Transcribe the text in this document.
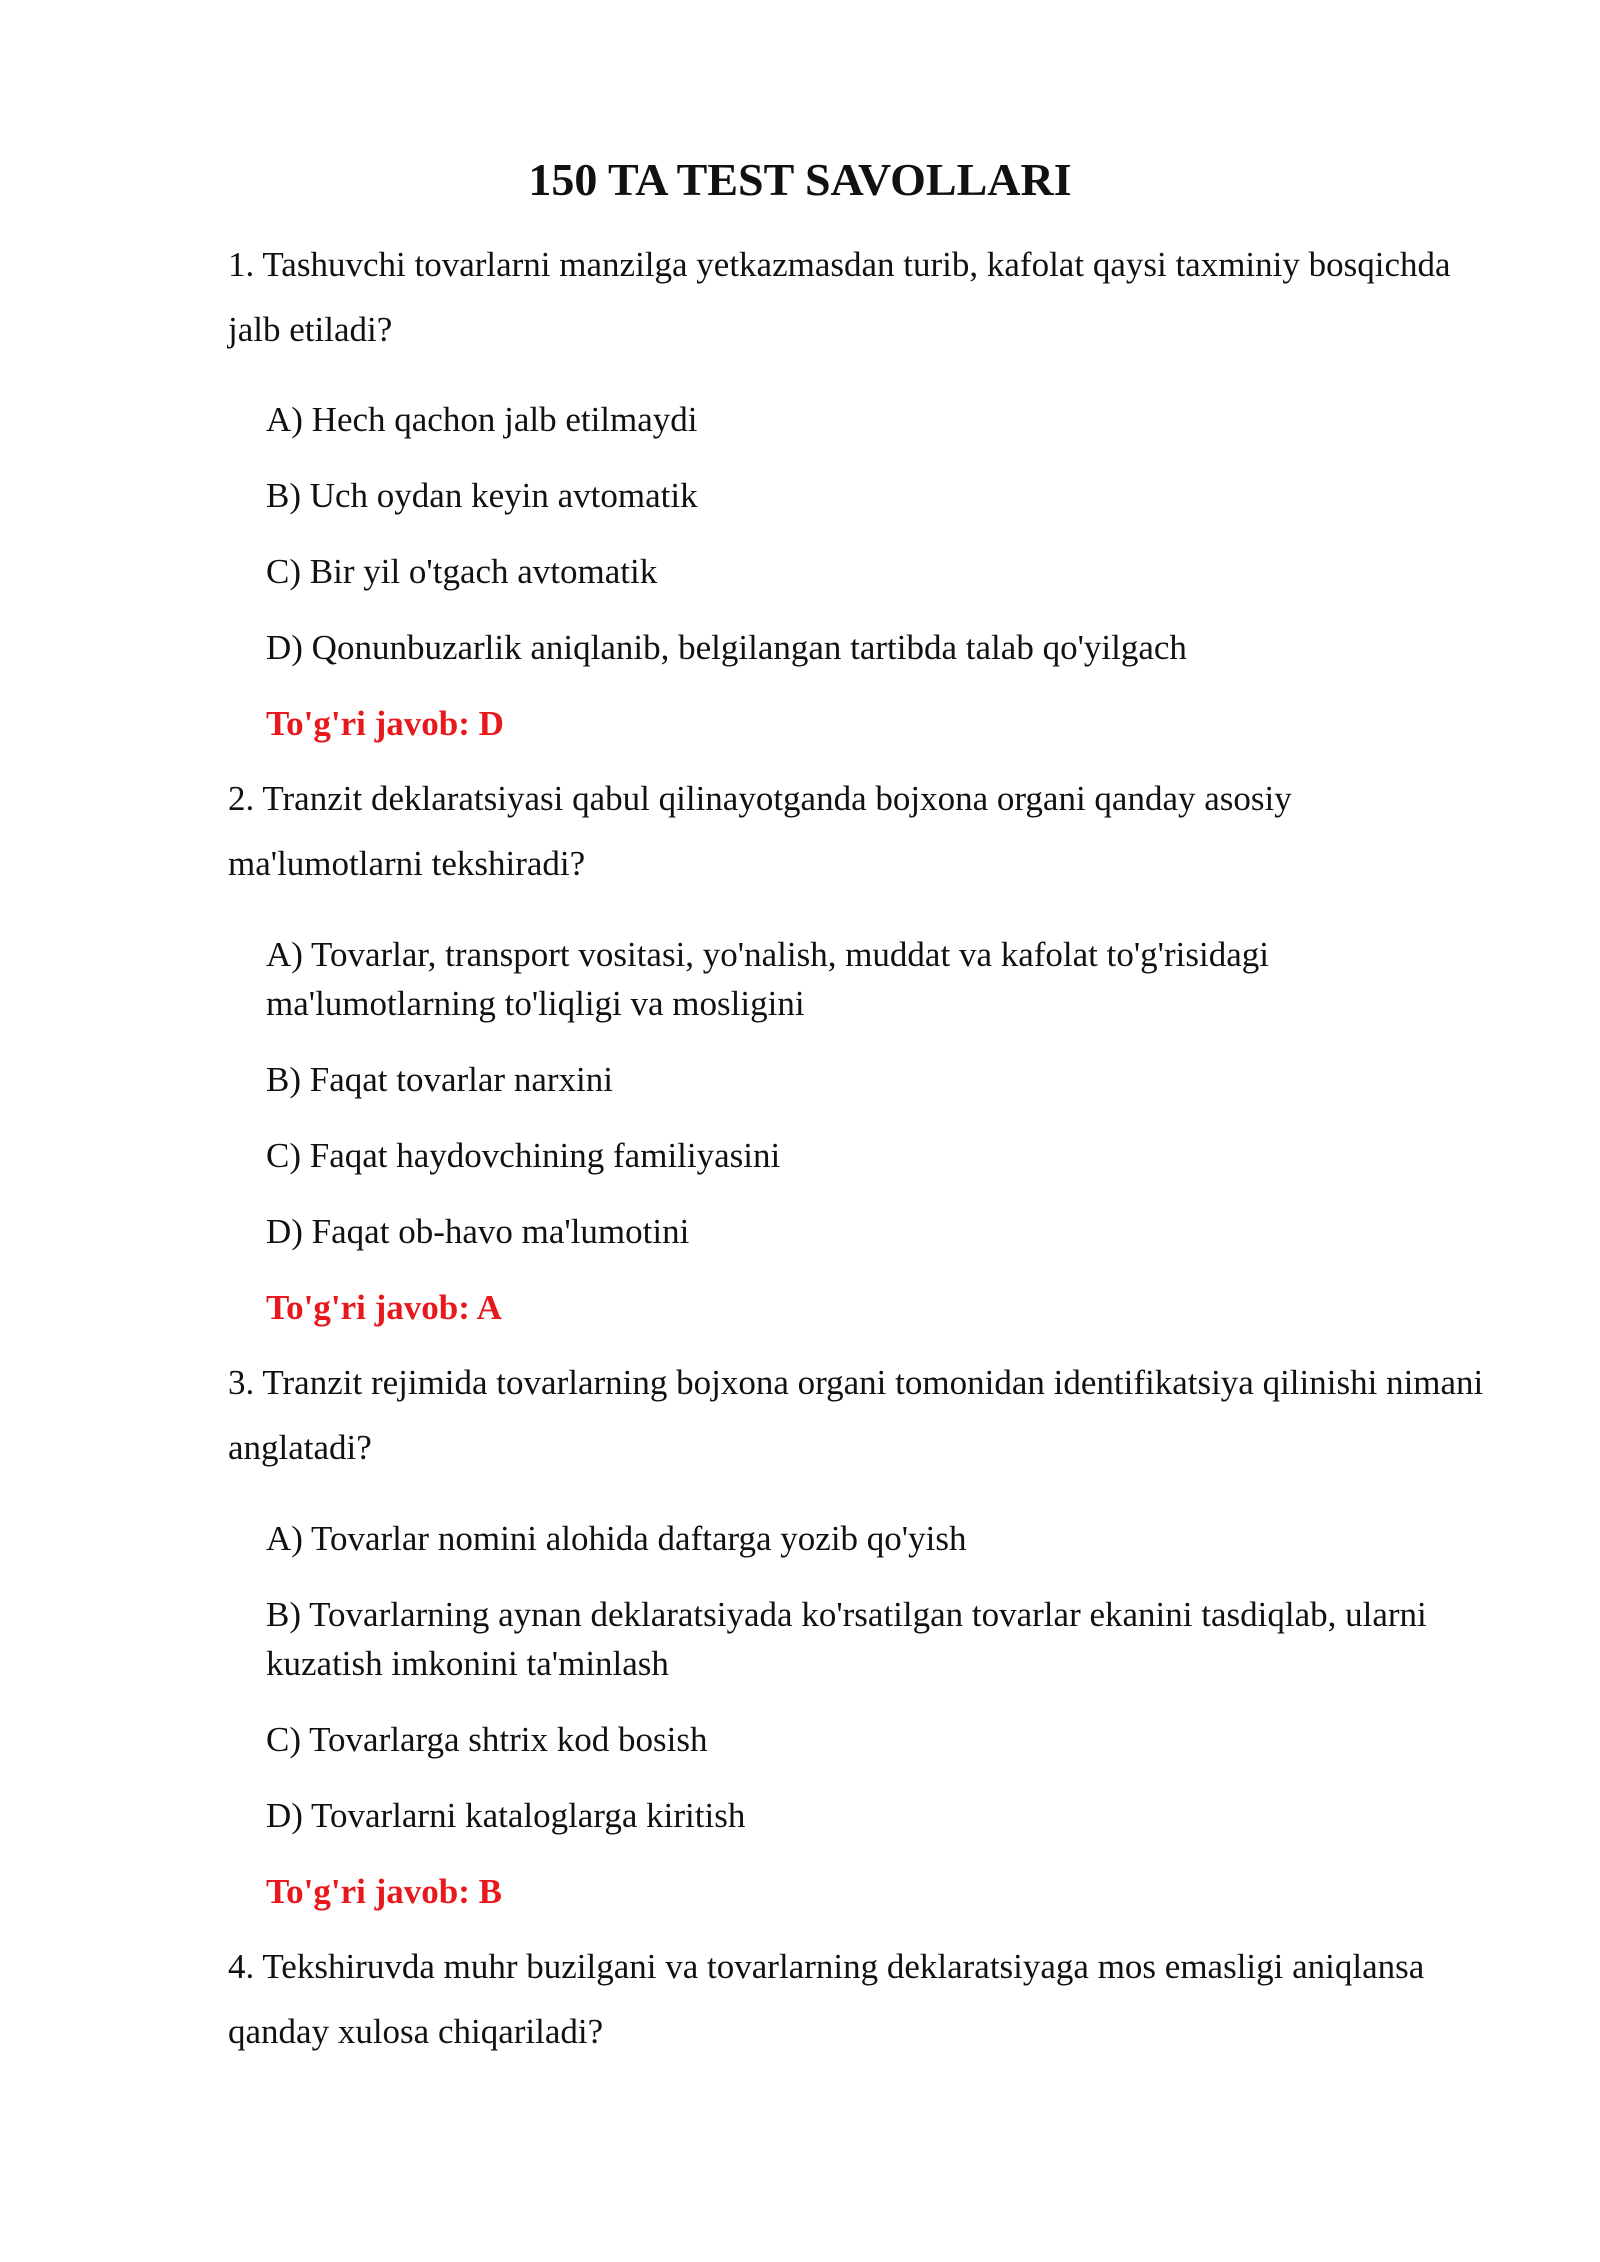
150 TA TEST SAVOLLARI

1. Tashuvchi tovarlarni manzilga yetkazmasdan turib, kafolat qaysi taxminiy bosqichda jalb etiladi?

A) Hech qachon jalb etilmaydi

B) Uch oydan keyin avtomatik

C) Bir yil o'tgach avtomatik

D) Qonunbuzarlik aniqlanib, belgilangan tartibda talab qo'yilgach

To'g'ri javob: D

2. Tranzit deklaratsiyasi qabul qilinayotganda bojxona organi qanday asosiy ma'lumotlarni tekshiradi?

A) Tovarlar, transport vositasi, yo'nalish, muddat va kafolat to'g'risidagi ma'lumotlarning to'liqligi va mosligini

B) Faqat tovarlar narxini

C) Faqat haydovchining familiyasini

D) Faqat ob-havo ma'lumotini

To'g'ri javob: A

3. Tranzit rejimida tovarlarning bojxona organi tomonidan identifikatsiya qilinishi nimani anglatadi?

A) Tovarlar nomini alohida daftarga yozib qo'yish

B) Tovarlarning aynan deklaratsiyada ko'rsatilgan tovarlar ekanini tasdiqlab, ularni kuzatish imkonini ta'minlash

C) Tovarlarga shtrix kod bosish

D) Tovarlarni kataloglarga kiritish

To'g'ri javob: B

4. Tekshiruvda muhr buzilgani va tovarlarning deklaratsiyaga mos emasligi aniqlansa qanday xulosa chiqariladi?
